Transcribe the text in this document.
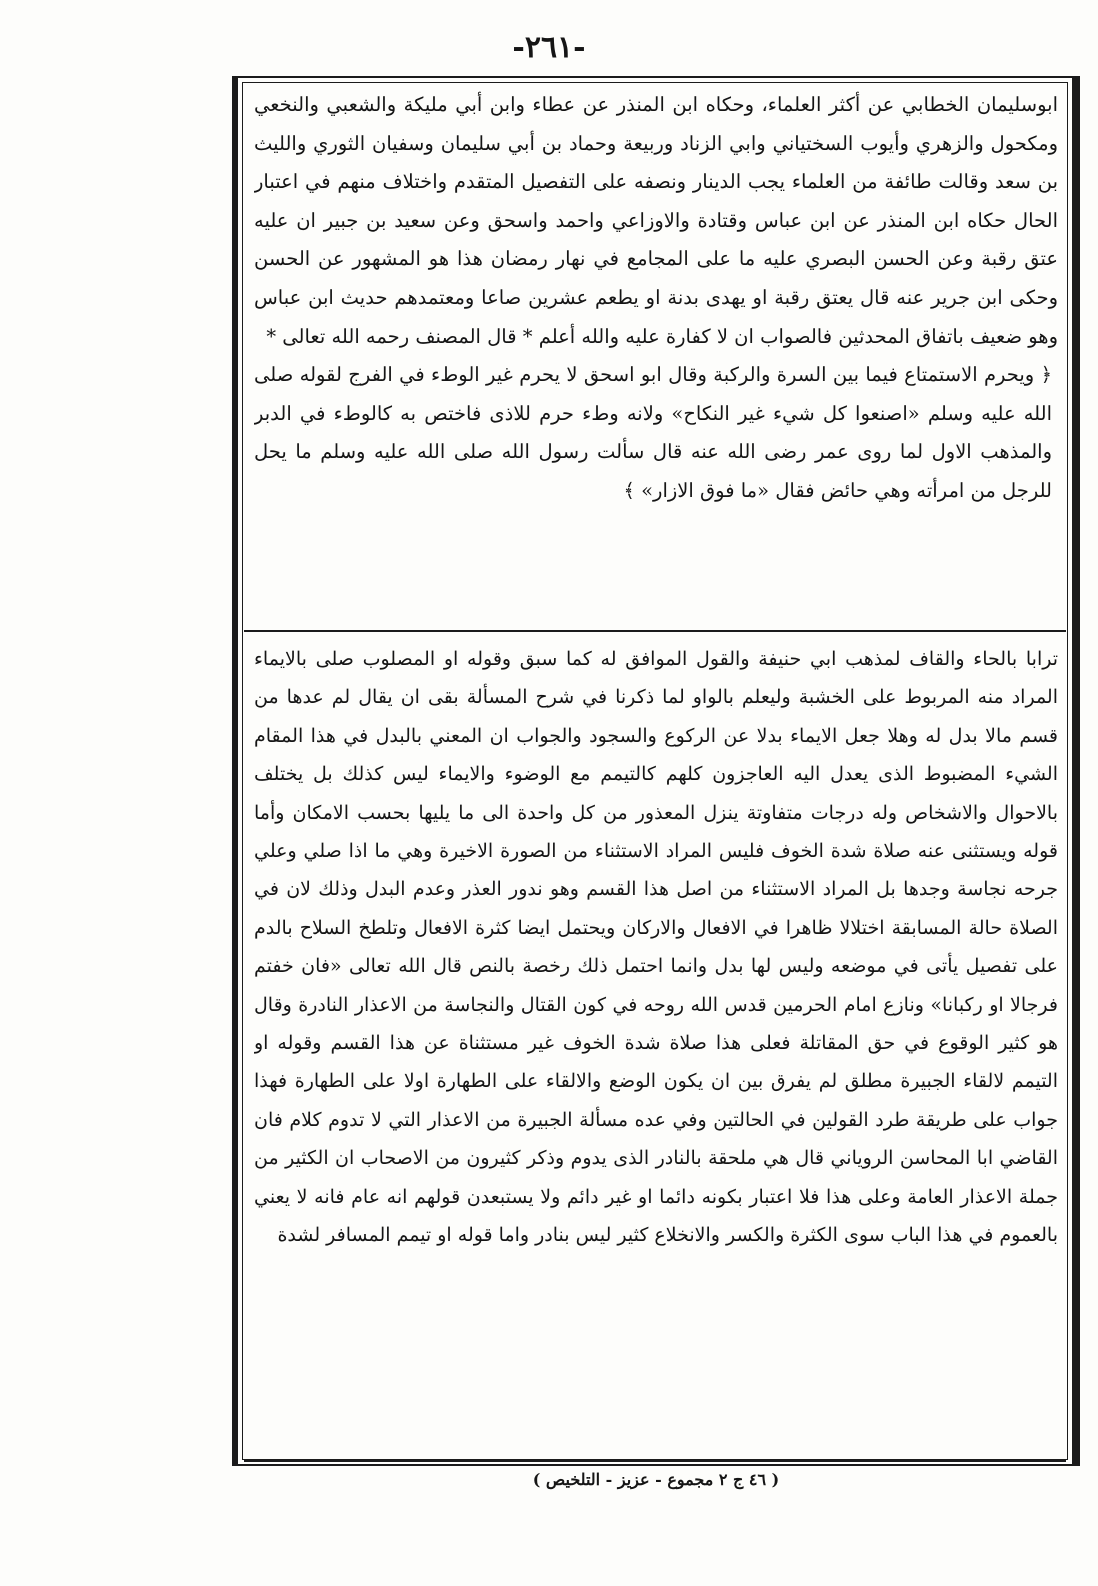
-٢٦١-

ابوسليمان الخطابي عن أكثر العلماء، وحكاه ابن المنذر عن عطاء وابن أبي مليكة والشعبي والنخعي ومكحول والزهري وأيوب السختياني وابي الزناد وربيعة وحماد بن أبي سليمان وسفيان الثوري والليث بن سعد وقالت طائفة من العلماء يجب الدينار ونصفه على التفصيل المتقدم واختلاف منهم في اعتبار الحال حكاه ابن المنذر عن ابن عباس وقتادة والاوزاعي واحمد واسحق وعن سعيد بن جبير ان عليه عتق رقبة وعن الحسن البصري عليه ما على المجامع في نهار رمضان هذا هو المشهور عن الحسن وحكى ابن جرير عنه قال يعتق رقبة او يهدى بدنة او يطعم عشرين صاعا ومعتمدهم حديث ابن عباس وهو ضعيف باتفاق المحدثين فالصواب ان لا كفارة عليه والله أعلم * قال المصنف رحمه الله تعالى *

﴿ ويحرم الاستمتاع فيما بين السرة والركبة وقال ابو اسحق لا يحرم غير الوطء في الفرج لقوله صلى الله عليه وسلم «اصنعوا كل شيء غير النكاح» ولانه وطء حرم للاذى فاختص به كالوطء في الدبر والمذهب الاول لما روى عمر رضى الله عنه قال سألت رسول الله صلى الله عليه وسلم ما يحل للرجل من امرأته وهي حائض فقال «ما فوق الازار» ﴾

ترابا بالحاء والقاف لمذهب ابي حنيفة والقول الموافق له كما سبق وقوله او المصلوب صلى بالايماء المراد منه المربوط على الخشبة وليعلم بالواو لما ذكرنا في شرح المسألة بقى ان يقال لم عدها من قسم مالا بدل له وهلا جعل الايماء بدلا عن الركوع والسجود والجواب ان المعني بالبدل في هذا المقام الشيء المضبوط الذى يعدل اليه العاجزون كلهم كالتيمم مع الوضوء والايماء ليس كذلك بل يختلف بالاحوال والاشخاص وله درجات متفاوتة ينزل المعذور من كل واحدة الى ما يليها بحسب الامكان وأما قوله ويستثنى عنه صلاة شدة الخوف فليس المراد الاستثناء من الصورة الاخيرة وهي ما اذا صلي وعلي جرحه نجاسة وجدها بل المراد الاستثناء من اصل هذا القسم وهو ندور العذر وعدم البدل وذلك لان في الصلاة حالة المسابقة اختلالا ظاهرا في الافعال والاركان ويحتمل ايضا كثرة الافعال وتلطخ السلاح بالدم على تفصيل يأتى في موضعه وليس لها بدل وانما احتمل ذلك رخصة بالنص قال الله تعالى «فان خفتم فرجالا او ركبانا» ونازع امام الحرمين قدس الله روحه في كون القتال والنجاسة من الاعذار النادرة وقال هو كثير الوقوع في حق المقاتلة فعلى هذا صلاة شدة الخوف غير مستثناة عن هذا القسم وقوله او التيمم لالقاء الجبيرة مطلق لم يفرق بين ان يكون الوضع والالقاء على الطهارة اولا على الطهارة فهذا جواب على طريقة طرد القولين في الحالتين وفي عده مسألة الجبيرة من الاعذار التي لا تدوم كلام فان القاضي ابا المحاسن الروياني قال هي ملحقة بالنادر الذى يدوم وذكر كثيرون من الاصحاب ان الكثير من جملة الاعذار العامة وعلى هذا فلا اعتبار بكونه دائما او غير دائم ولا يستبعدن قولهم انه عام فانه لا يعني بالعموم في هذا الباب سوى الكثرة والكسر والانخلاع كثير ليس بنادر واما قوله او تيمم المسافر لشدة

( ٤٦ ج ٢ مجموع - عزيز - التلخيص )
